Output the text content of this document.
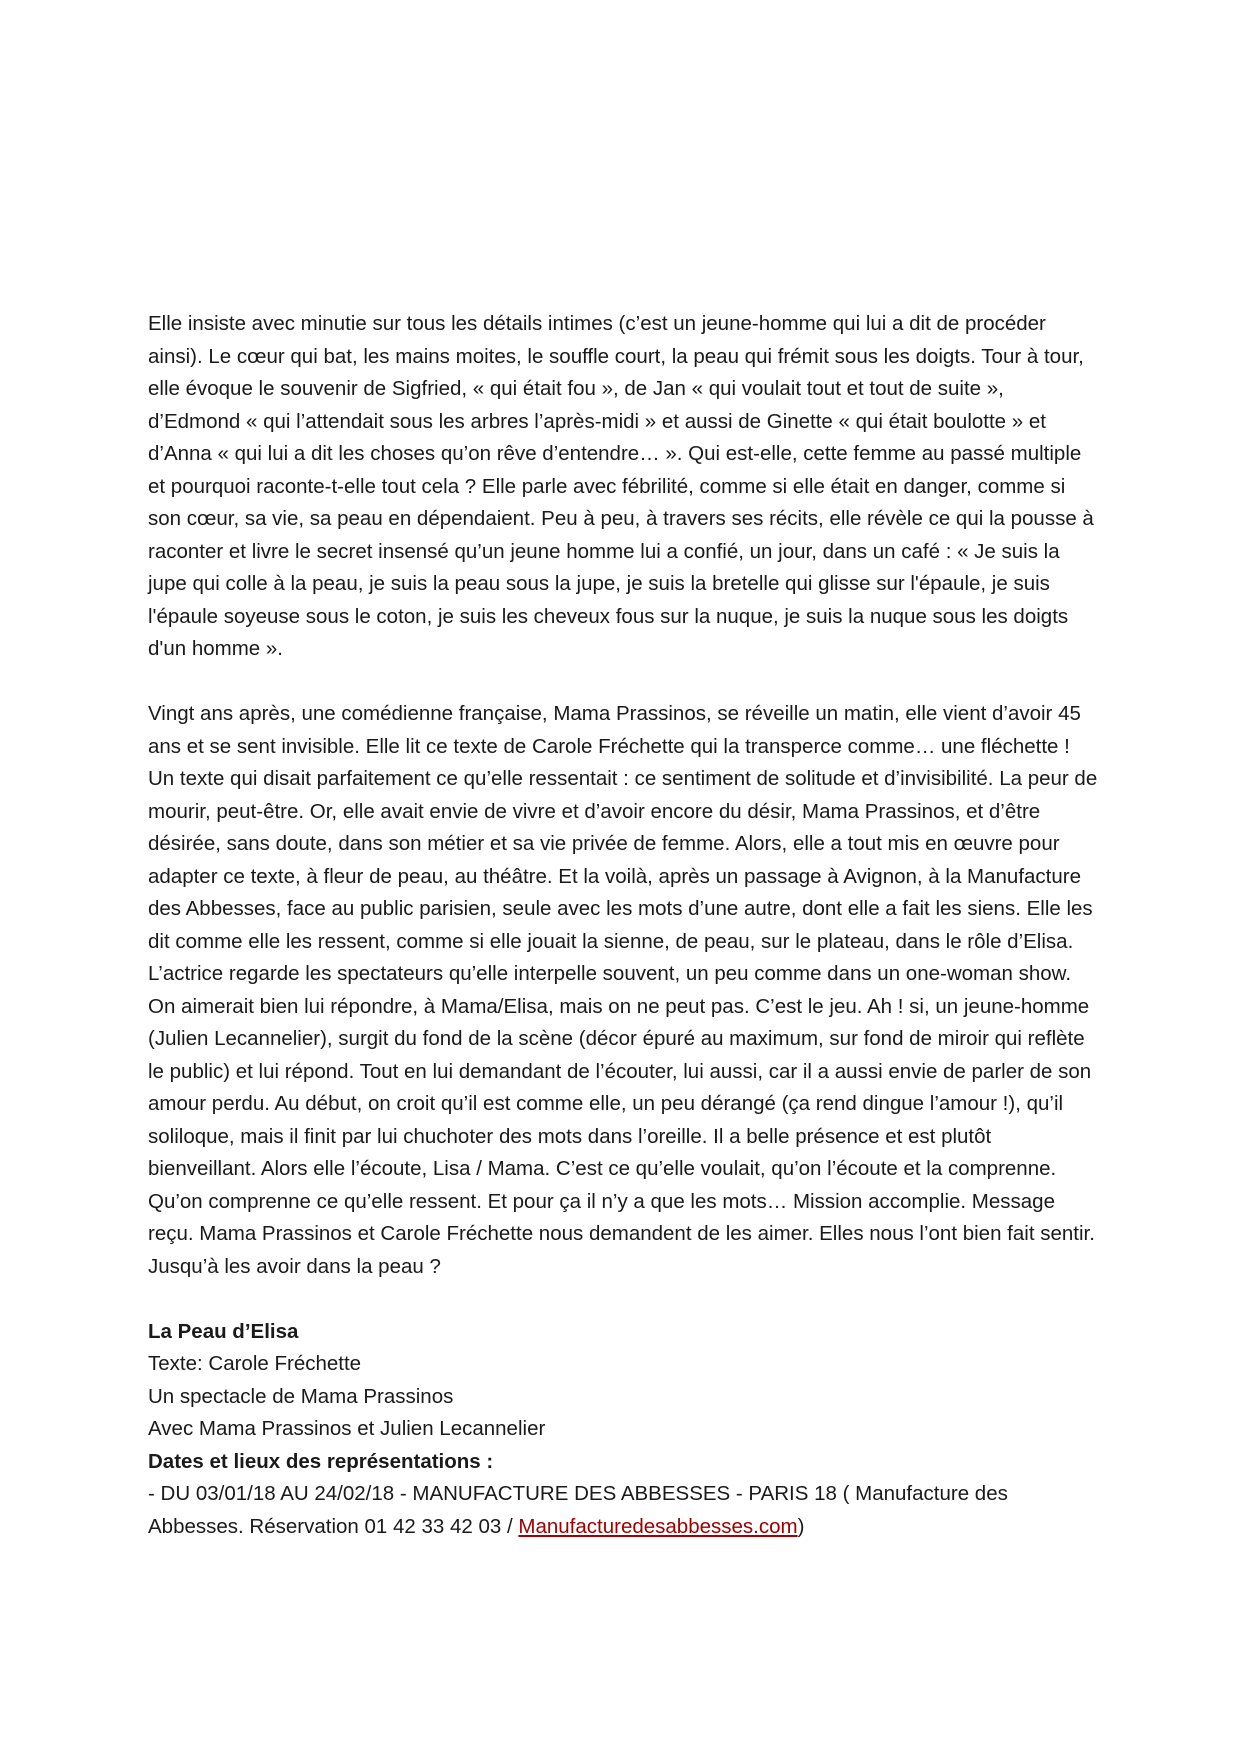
Elle insiste avec minutie sur tous les détails intimes (c’est un jeune-homme qui lui a dit de procéder ainsi). Le cœur qui bat, les mains moites, le souffle court, la peau qui frémit sous les doigts. Tour à tour, elle évoque le souvenir de Sigfried, « qui était fou », de Jan « qui voulait tout et tout de suite », d’Edmond « qui l’attendait sous les arbres l’après-midi » et aussi de Ginette « qui était boulotte » et d’Anna « qui lui a dit les choses qu’on rêve d’entendre… ». Qui est-elle, cette femme au passé multiple et pourquoi raconte-t-elle tout cela ? Elle parle avec fébrilité, comme si elle était en danger, comme si son cœur, sa vie, sa peau en dépendaient. Peu à peu, à travers ses récits, elle révèle ce qui la pousse à raconter et livre le secret insensé qu’un jeune homme lui a confié, un jour, dans un café : « Je suis la jupe qui colle à la peau, je suis la peau sous la jupe, je suis la bretelle qui glisse sur l'épaule, je suis l'épaule soyeuse sous le coton, je suis les cheveux fous sur la nuque, je suis la nuque sous les doigts d'un homme ».

Vingt ans après, une comédienne française, Mama Prassinos, se réveille un matin, elle vient d’avoir 45 ans et se sent invisible. Elle lit ce texte de Carole Fréchette qui la transperce comme… une fléchette ! Un texte qui disait parfaitement ce qu’elle ressentait : ce sentiment de solitude et d’invisibilité. La peur de mourir, peut-être. Or, elle avait envie de vivre et d’avoir encore du désir, Mama Prassinos, et d’être désirée, sans doute, dans son métier et sa vie privée de femme. Alors, elle a tout mis en œuvre pour adapter ce texte, à fleur de peau, au théâtre. Et la voilà, après un passage à Avignon, à la Manufacture des Abbesses, face au public parisien, seule avec les mots d’une autre, dont elle a fait les siens. Elle les dit comme elle les ressent, comme si elle jouait la sienne, de peau, sur le plateau, dans le rôle d’Elisa.

L’actrice regarde les spectateurs qu’elle interpelle souvent, un peu comme dans un one-woman show. On aimerait bien lui répondre, à Mama/Elisa, mais on ne peut pas. C’est le jeu. Ah ! si, un jeune-homme (Julien Lecannelier), surgit du fond de la scène (décor épuré au maximum, sur fond de miroir qui reflète le public) et lui répond. Tout en lui demandant de l’écouter, lui aussi, car il a aussi envie de parler de son amour perdu. Au début, on croit qu’il est comme elle, un peu dérangé (ça rend dingue l’amour !), qu’il soliloque, mais il finit par lui chuchoter des mots dans l’oreille. Il a belle présence et est plutôt bienveillant. Alors elle l’écoute, Lisa / Mama. C’est ce qu’elle voulait, qu’on l’écoute et la comprenne. Qu’on comprenne ce qu’elle ressent. Et pour ça il n’y a que les mots… Mission accomplie. Message reçu. Mama Prassinos et Carole Fréchette nous demandent de les aimer. Elles nous l’ont bien fait sentir. Jusqu’à les avoir dans la peau ?

La Peau d’Elisa

Texte: Carole Fréchette

Un spectacle de Mama Prassinos

Avec Mama Prassinos et Julien Lecannelier

Dates et lieux des représentations :

- DU 03/01/18 AU 24/02/18 - MANUFACTURE DES ABBESSES - PARIS 18 ( Manufacture des Abbesses. Réservation 01 42 33 42 03 / Manufacturedesabbesses.com)
